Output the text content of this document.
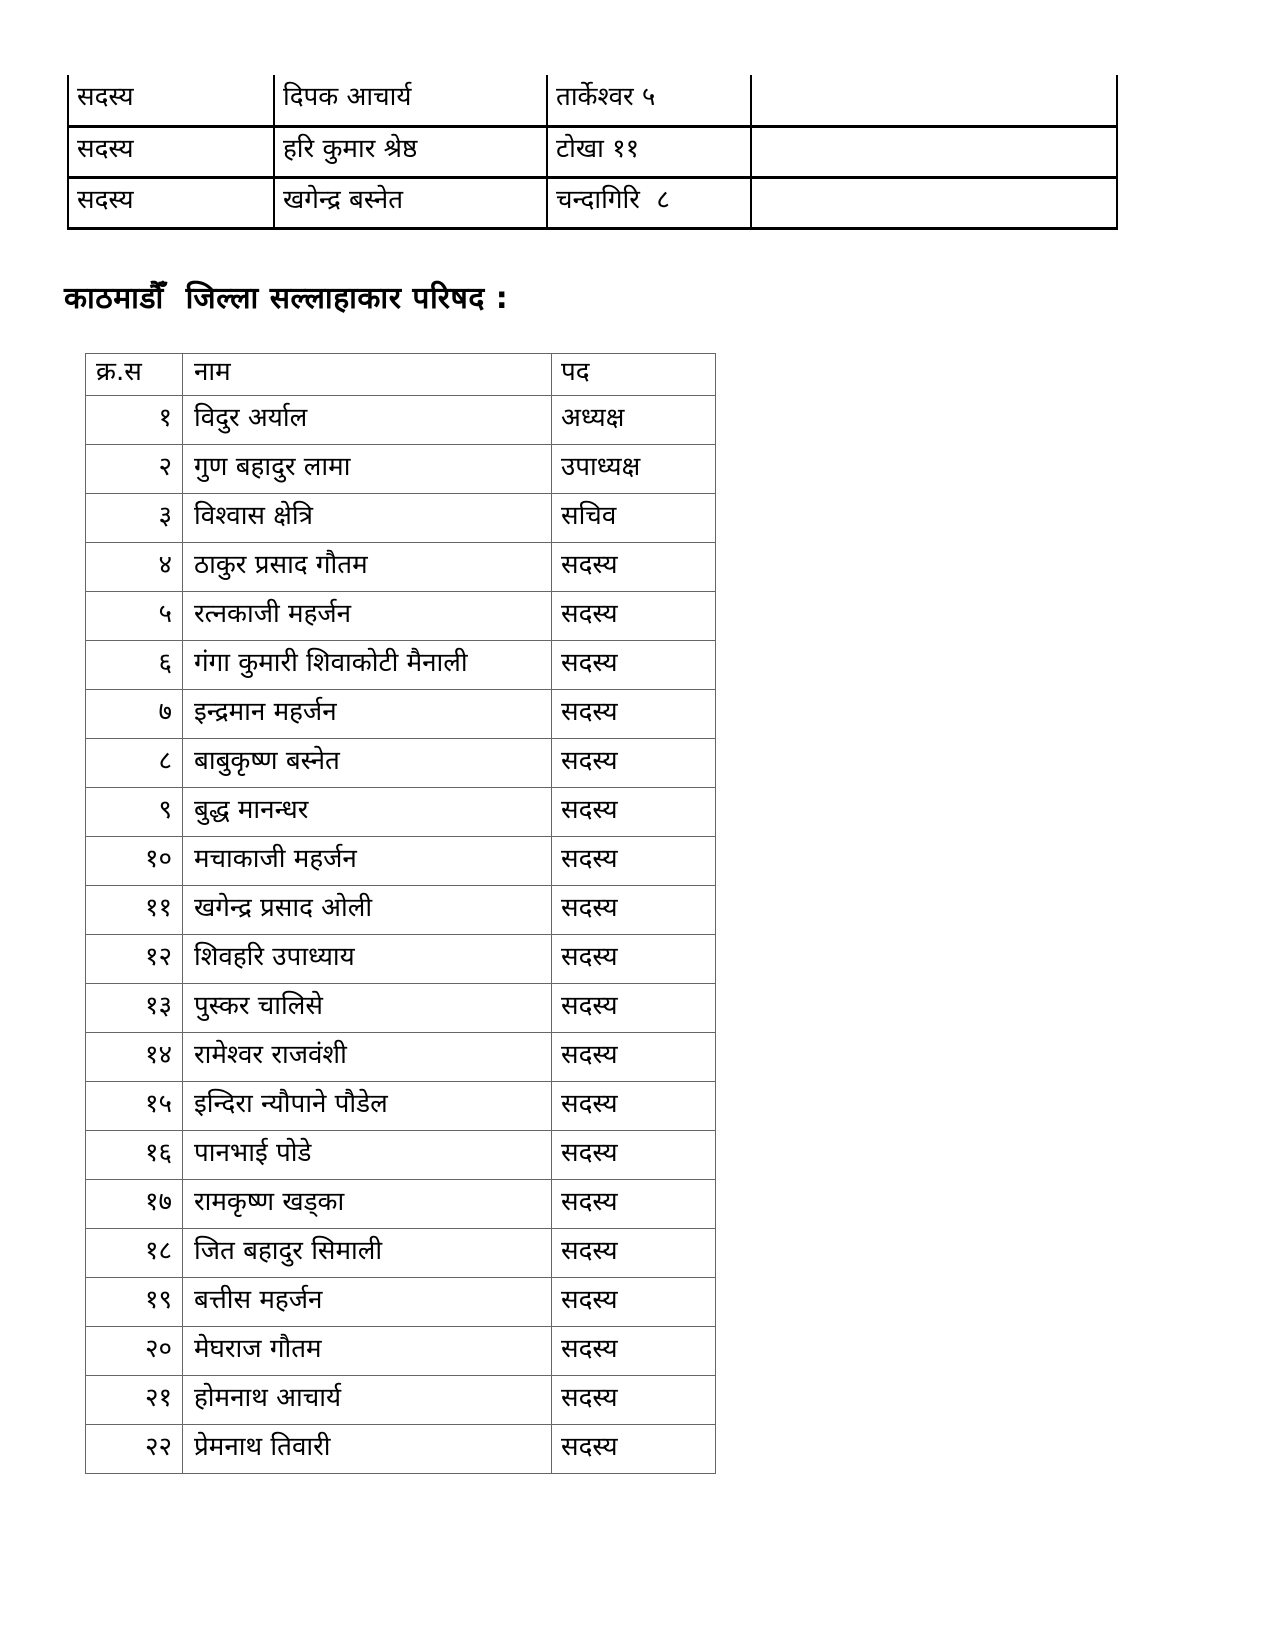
सदस्य	दिपक आचार्य	तार्केश्वर ५	
सदस्य	हरि कुमार श्रेष्ठ	टोखा ११	
सदस्य	खगेन्द्र बस्नेत	चन्दागिरि  ८	
काठमाडौँ  जिल्ला सल्लाहाकार परिषद :
क्र.स	नाम	पद
१	विदुर अर्याल	अध्यक्ष
२	गुण बहादुर लामा	उपाध्यक्ष
३	विश्वास क्षेत्रि	सचिव
४	ठाकुर प्रसाद गौतम	सदस्य
५	रत्नकाजी महर्जन	सदस्य
६	गंगा कुमारी शिवाकोटी मैनाली	सदस्य
७	इन्द्रमान महर्जन	सदस्य
८	बाबुकृष्ण बस्नेत	सदस्य
९	बुद्ध मानन्धर	सदस्य
१०	मचाकाजी महर्जन	सदस्य
११	खगेन्द्र प्रसाद ओली	सदस्य
१२	शिवहरि उपाध्याय	सदस्य
१३	पुस्कर चालिसे	सदस्य
१४	रामेश्वर राजवंशी	सदस्य
१५	इन्दिरा न्यौपाने पौडेल	सदस्य
१६	पानभाई पोडे	सदस्य
१७	रामकृष्ण खड्का	सदस्य
१८	जित बहादुर सिमाली	सदस्य
१९	बत्तीस महर्जन	सदस्य
२०	मेघराज गौतम	सदस्य
२१	होमनाथ आचार्य	सदस्य
२२	प्रेमनाथ तिवारी	सदस्य
